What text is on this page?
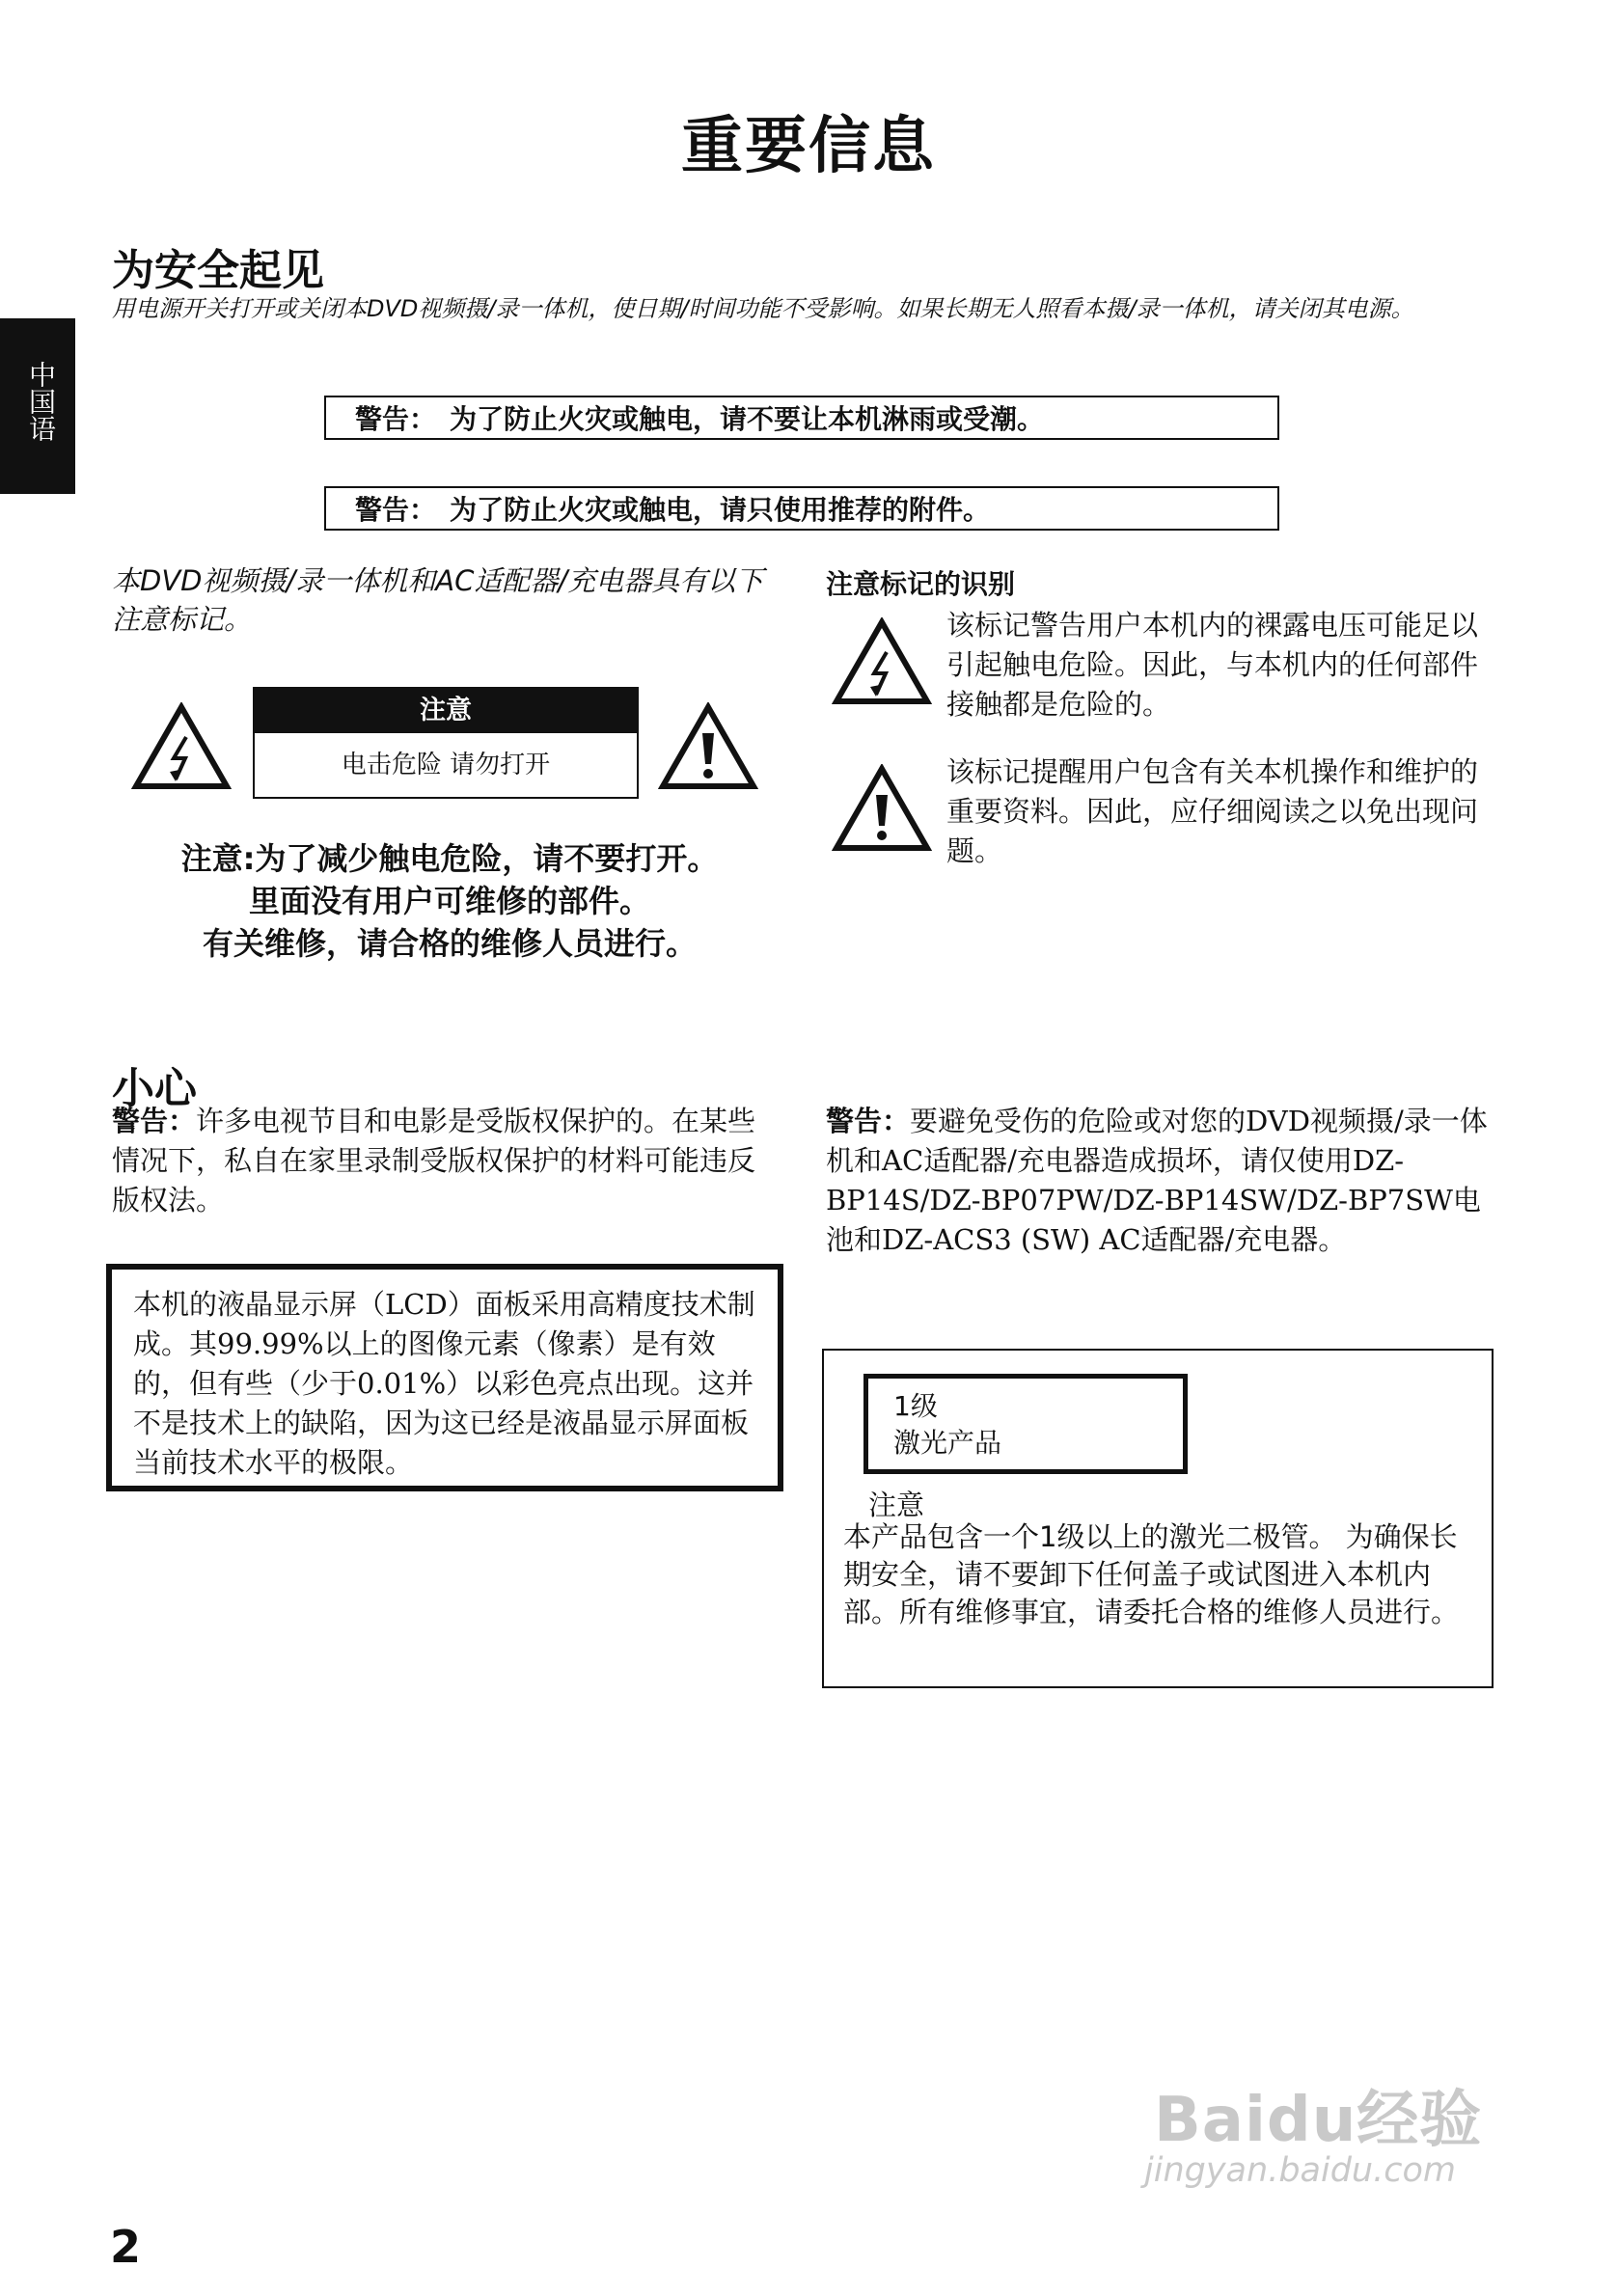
重要信息
中国语
为安全起见
用电源开关打开或关闭本DVD视频摄/录一体机，使日期/时间功能不受影响。如果长期无人照看本摄/录一体机，请关闭其电源。
警告：　为了防止火灾或触电，请不要让本机淋雨或受潮。
警告：　为了防止火灾或触电，请只使用推荐的附件。
本DVD视频摄/录一体机和AC适配器/充电器具有以下注意标记。
注意
电击危险 请勿打开
注意:为了减少触电危险，请不要打开。
里面没有用户可维修的部件。
有关维修，请合格的维修人员进行。
注意标记的识别
该标记警告用户本机内的裸露电压可能足以引起触电危险。因此，与本机内的任何部件接触都是危险的。
该标记提醒用户包含有关本机操作和维护的重要资料。因此，应仔细阅读之以免出现问题。
小心
警告：许多电视节目和电影是受版权保护的。在某些情况下，私自在家里录制受版权保护的材料可能违反版权法。
警告：要避免受伤的危险或对您的DVD视频摄/录一体机和AC适配器/充电器造成损坏，请仅使用DZ-BP14S/DZ-BP07PW/DZ-BP14SW/DZ-BP7SW电池和DZ-ACS3 (SW) AC适配器/充电器。
本机的液晶显示屏（LCD）面板采用高精度技术制成。其99.99%以上的图像元素（像素）是有效的，但有些（少于0.01%）以彩色亮点出现。这并不是技术上的缺陷，因为这已经是液晶显示屏面板当前技术水平的极限。
1级
激光产品
注意
本产品包含一个1级以上的激光二极管。 为确保长期安全，请不要卸下任何盖子或试图进入本机内部。所有维修事宜，请委托合格的维修人员进行。
2
Baidu经验
jingyan.baidu.com
